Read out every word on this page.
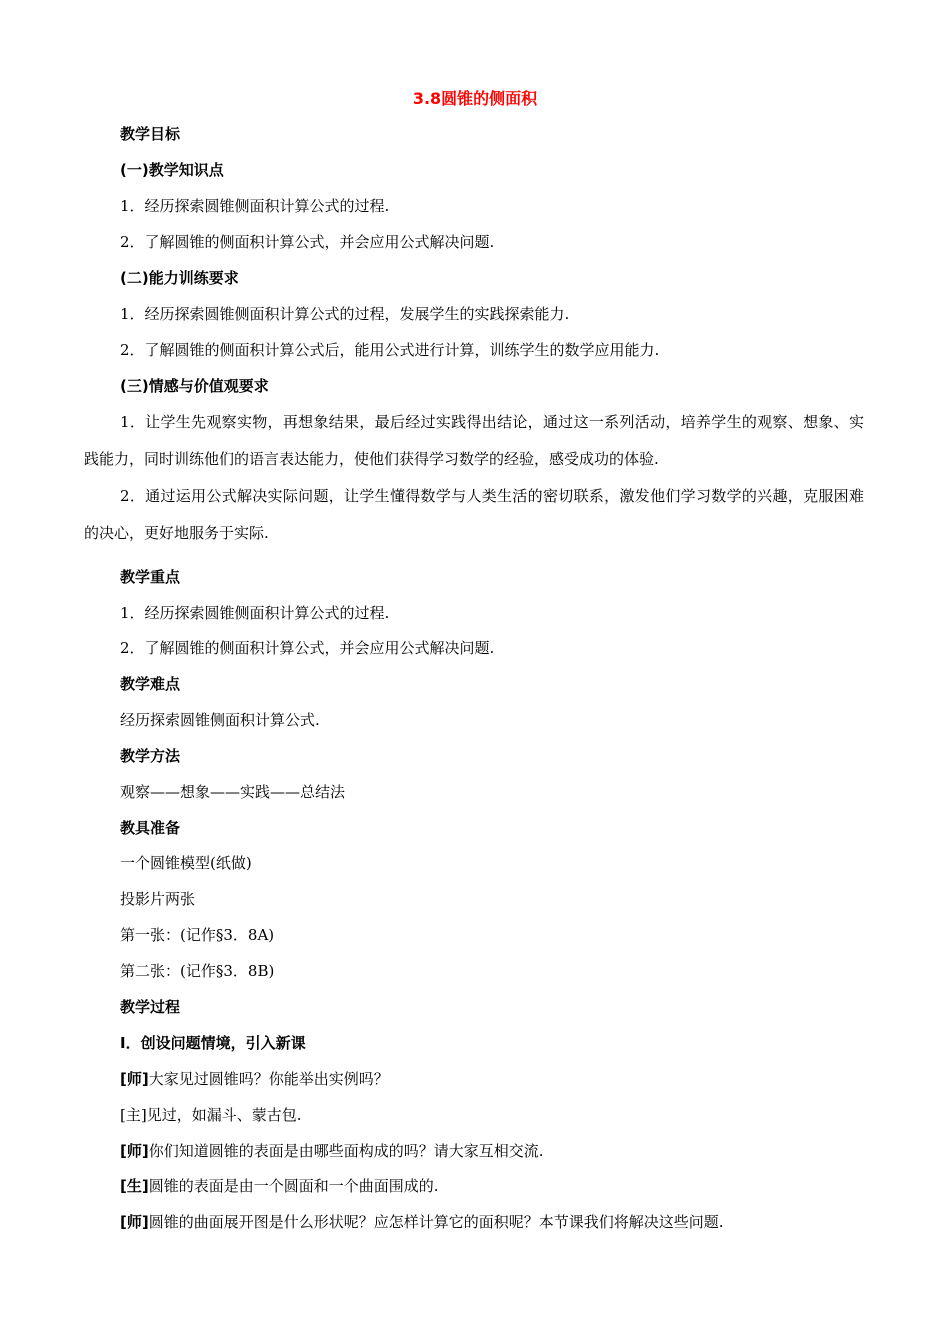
3.8圆锥的侧面积
教学目标
(一)教学知识点
1．经历探索圆锥侧面积计算公式的过程.
2．了解圆锥的侧面积计算公式，并会应用公式解决问题.
(二)能力训练要求
1．经历探索圆锥侧面积计算公式的过程，发展学生的实践探索能力.
2．了解圆锥的侧面积计算公式后，能用公式进行计算，训练学生的数学应用能力.
(三)情感与价值观要求
1．让学生先观察实物，再想象结果，最后经过实践得出结论，通过这一系列活动，培养学生的观察、想象、实践能力，同时训练他们的语言表达能力，使他们获得学习数学的经验，感受成功的体验.
2．通过运用公式解决实际问题，让学生懂得数学与人类生活的密切联系，激发他们学习数学的兴趣，克服困难的决心，更好地服务于实际.
教学重点
1．经历探索圆锥侧面积计算公式的过程.
2．了解圆锥的侧面积计算公式，并会应用公式解决问题.
教学难点
经历探索圆锥侧面积计算公式.
教学方法
观察——想象——实践——总结法
教具准备
一个圆锥模型(纸做)
投影片两张
第一张：(记作§3．8A)
第二张：(记作§3．8B)
教学过程
Ⅰ．创设问题情境，引入新课
[师]大家见过圆锥吗？你能举出实例吗？
[主]见过，如漏斗、蒙古包.
[师]你们知道圆锥的表面是由哪些面构成的吗？请大家互相交流.
[生]圆锥的表面是由一个圆面和一个曲面围成的.
[师]圆锥的曲面展开图是什么形状呢？应怎样计算它的面积呢？本节课我们将解决这些问题.
